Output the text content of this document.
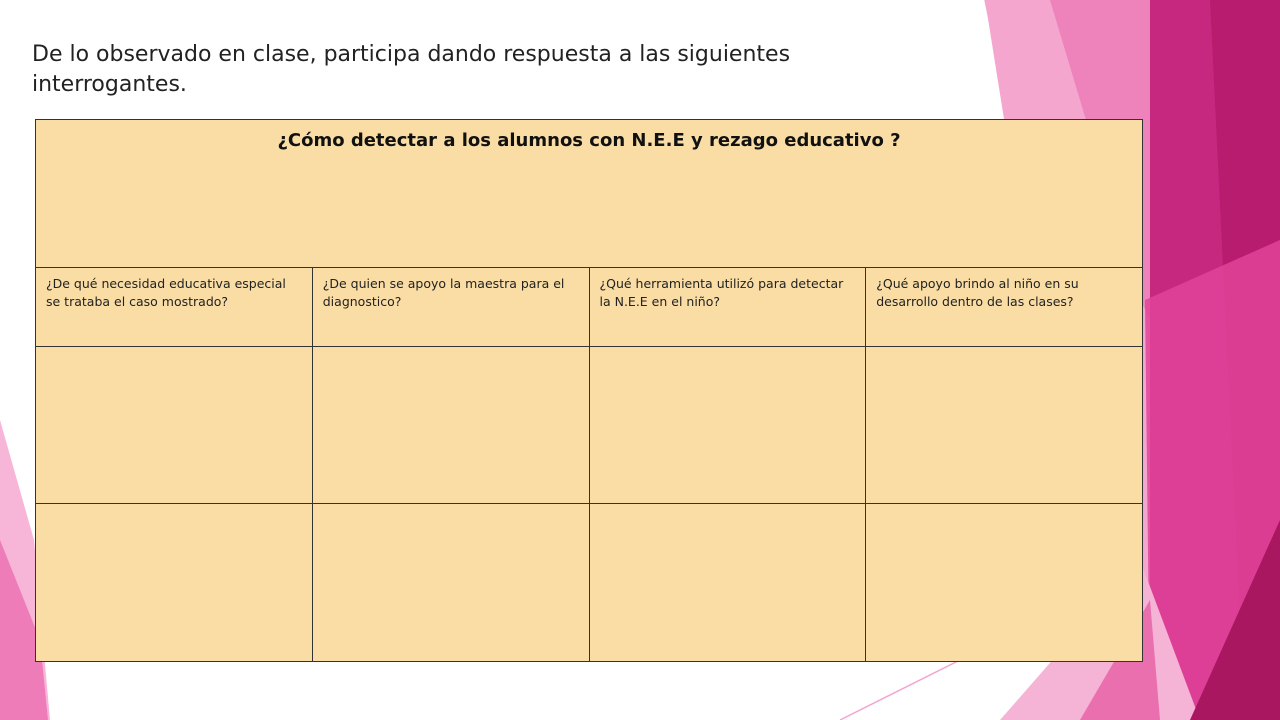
De lo observado en clase, participa dando respuesta a las siguientes interrogantes.
¿Cómo detectar a los alumnos con N.E.E y rezago educativo ?			

¿De qué necesidad educativa especial se trataba el caso mostrado?	¿De quien se apoyo la maestra para el diagnostico?	¿Qué herramienta utilizó para detectar la N.E.E en el niño?	¿Qué apoyo brindo al niño en su desarrollo dentro de las clases?
